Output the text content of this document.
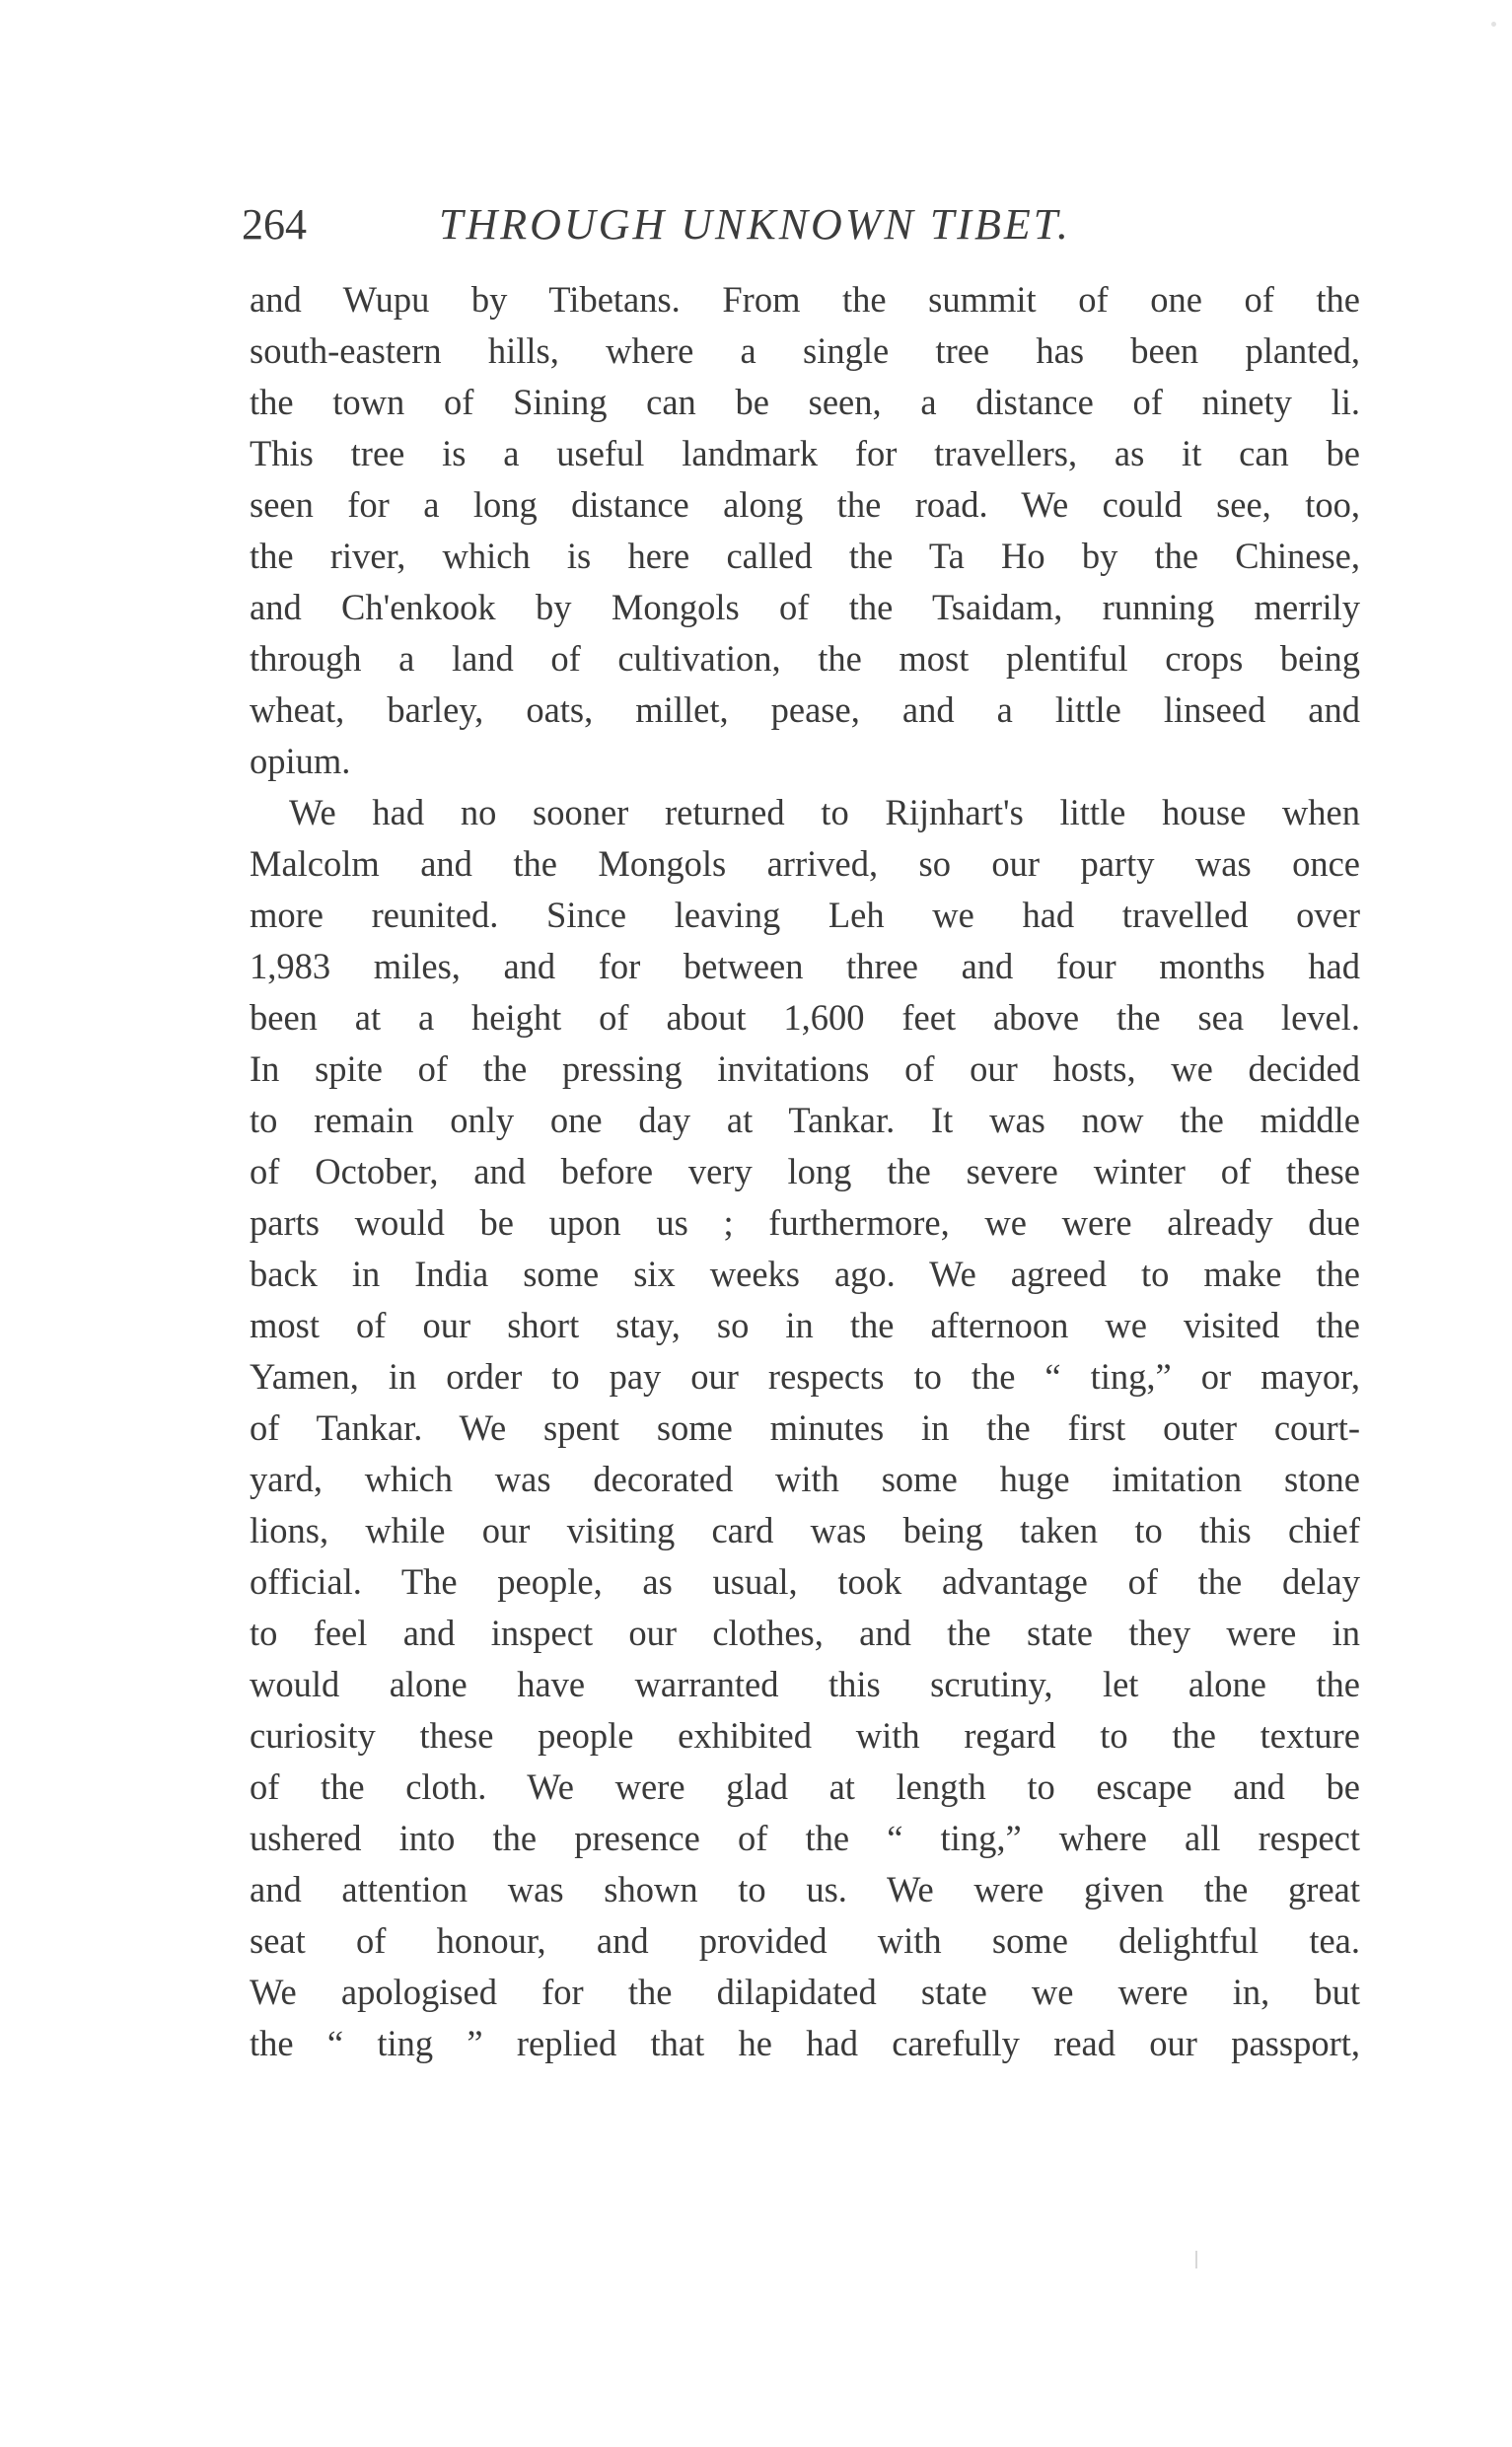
264	THROUGH UNKNOWN TIBET.
and Wupu by Tibetans. From the summit of one of the
south-eastern hills, where a single tree has been planted,
the town of Sining can be seen, a distance of ninety li.
This tree is a useful landmark for travellers, as it can be
seen for a long distance along the road. We could see, too,
the river, which is here called the Ta Ho by the Chinese,
and Ch'enkook by Mongols of the Tsaidam, running merrily
through a land of cultivation, the most plentiful crops being
wheat, barley, oats, millet, pease, and a little linseed and
opium.
We had no sooner returned to Rijnhart's little house when
Malcolm and the Mongols arrived, so our party was once
more reunited. Since leaving Leh we had travelled over
1,983 miles, and for between three and four months had
been at a height of about 1,600 feet above the sea level.
In spite of the pressing invitations of our hosts, we decided
to remain only one day at Tankar. It was now the middle
of October, and before very long the severe winter of these
parts would be upon us ; furthermore, we were already due
back in India some six weeks ago. We agreed to make the
most of our short stay, so in the afternoon we visited the
Yamen, in order to pay our respects to the “ ting,” or mayor,
of Tankar. We spent some minutes in the first outer court-
yard, which was decorated with some huge imitation stone
lions, while our visiting card was being taken to this chief
official. The people, as usual, took advantage of the delay
to feel and inspect our clothes, and the state they were in
would alone have warranted this scrutiny, let alone the
curiosity these people exhibited with regard to the texture
of the cloth. We were glad at length to escape and be
ushered into the presence of the “ ting,” where all respect
and attention was shown to us. We were given the great
seat of honour, and provided with some delightful tea.
We apologised for the dilapidated state we were in, but
the “ ting ” replied that he had carefully read our passport,
